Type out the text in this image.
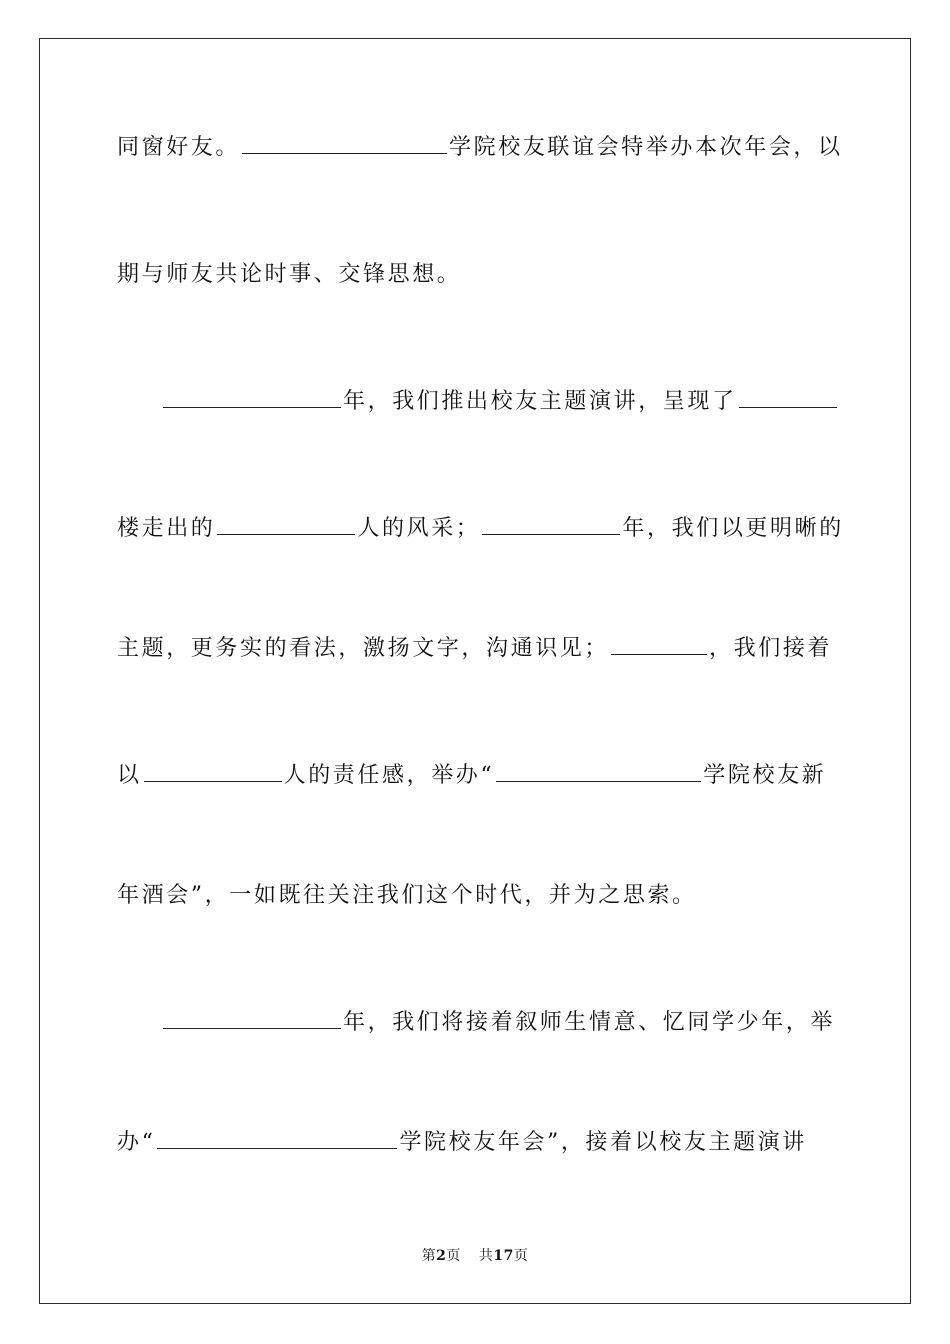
同窗好友。	学院校友联谊会特举办本次年会，以
期与师友共论时事、交锋思想。
年，我们推出校友主题演讲，呈现了
楼走出的	人的风采；	年，我们以更明晰的
主题，更务实的看法，激扬文字，沟通识见；	，我们接着
以	人的责任感，举办“	学院校友新
年酒会”，一如既往关注我们这个时代，并为之思索。
年，我们将接着叙师生情意、忆同学少年，举
办“	学院校友年会”，接着以校友主题演讲
第2页 共17页
